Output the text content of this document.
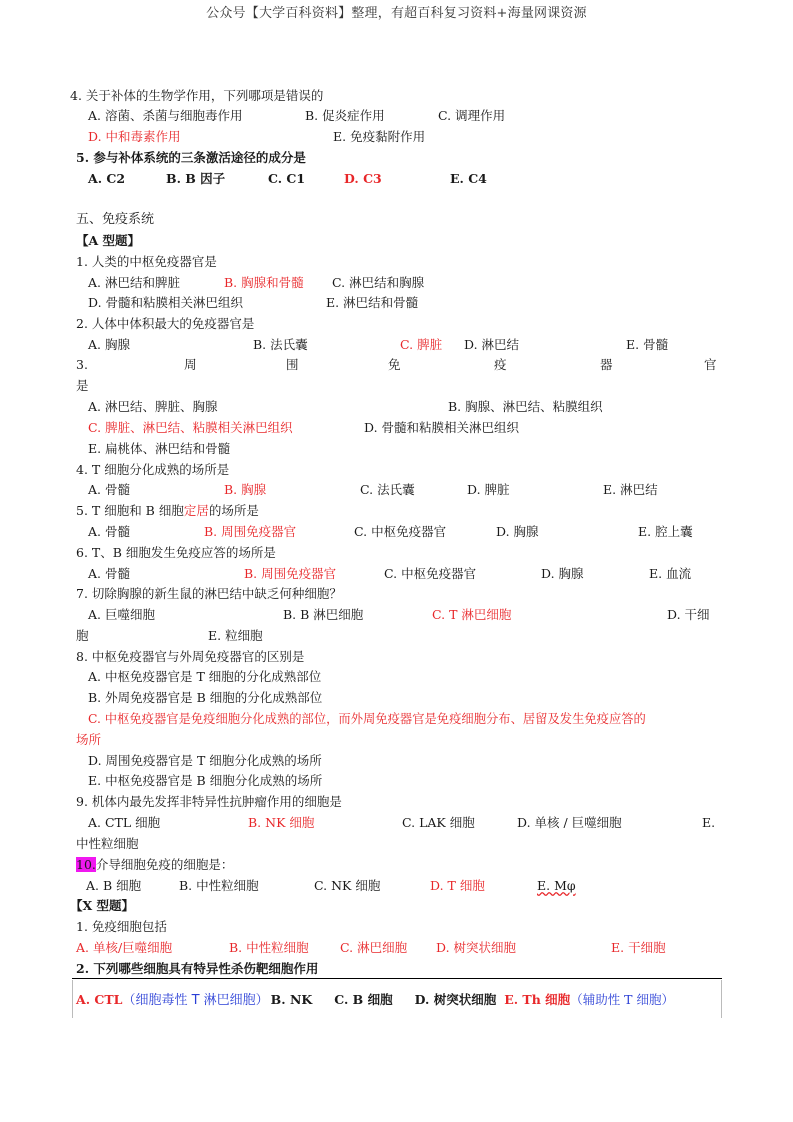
公众号【大学百科资料】整理，有超百科复习资料+海量网课资源
4. 关于补体的生物学作用，下列哪项是错误的
A. 溶菌、杀菌与细胞毒作用	B. 促炎症作用	C. 调理作用
D. 中和毒素作用	E. 免疫黏附作用
5. 参与补体系统的三条激活途径的成分是
A. C2	B. B 因子	C. C1	D. C3	E. C4
五、免疫系统
【A 型题】
1. 人类的中枢免疫器官是
A. 淋巴结和脾脏	B. 胸腺和骨髓 C. 淋巴结和胸腺
D. 骨髓和粘膜相关淋巴组织	E. 淋巴结和骨髓
2. 人体中体积最大的免疫器官是
A. 胸腺	B. 法氏囊	C. 脾脏 D. 淋巴结	E. 骨髓
3.	周	围	免	疫	器	官
是
A. 淋巴结、脾脏、胸腺	B. 胸腺、淋巴结、粘膜组织
C. 脾脏、淋巴结、粘膜相关淋巴组织	D. 骨髓和粘膜相关淋巴组织
E. 扁桃体、淋巴结和骨髓
4. T 细胞分化成熟的场所是
A. 骨髓	B. 胸腺	C. 法氏囊	D. 脾脏	E. 淋巴结
5. T 细胞和 B 细胞定居的场所是
A. 骨髓	B. 周围免疫器官	C. 中枢免疫器官	D. 胸腺	E. 腔上囊
6. T、B 细胞发生免疫应答的场所是
A. 骨髓	B. 周围免疫器官	C. 中枢免疫器官	D. 胸腺	E. 血流
7. 切除胸腺的新生鼠的淋巴结中缺乏何种细胞？
A. 巨噬细胞	B. B 淋巴细胞	C. T 淋巴细胞	D. 干细
胞	E. 粒细胞
8. 中枢免疫器官与外周免疫器官的区别是
A. 中枢免疫器官是 T 细胞的分化成熟部位
B. 外周免疫器官是 B 细胞的分化成熟部位
C. 中枢免疫器官是免疫细胞分化成熟的部位，而外周免疫器官是免疫细胞分布、居留及发生免疫应答的
场所
D. 周围免疫器官是 T 细胞分化成熟的场所
E. 中枢免疫器官是 B 细胞分化成熟的场所
9. 机体内最先发挥非特异性抗肿瘤作用的细胞是
A. CTL 细胞	B. NK 细胞	C. LAK 细胞	D. 单核 / 巨噬细胞	E.
中性粒细胞
10.介导细胞免疫的细胞是：
A. B 细胞	B. 中性粒细胞	C. NK 细胞	D. T 细胞	E. Mφ
【X 型题】
1. 免疫细胞包括
A. 单核/巨噬细胞	B. 中性粒细胞	C. 淋巴细胞 D. 树突状细胞	E. 干细胞
2. 下列哪些细胞具有特异性杀伤靶细胞作用
A. CTL（细胞毒性 T 淋巴细胞） B. NK C. B 细胞 D. 树突状细胞 E. Th 细胞（辅助性 T 细胞）
